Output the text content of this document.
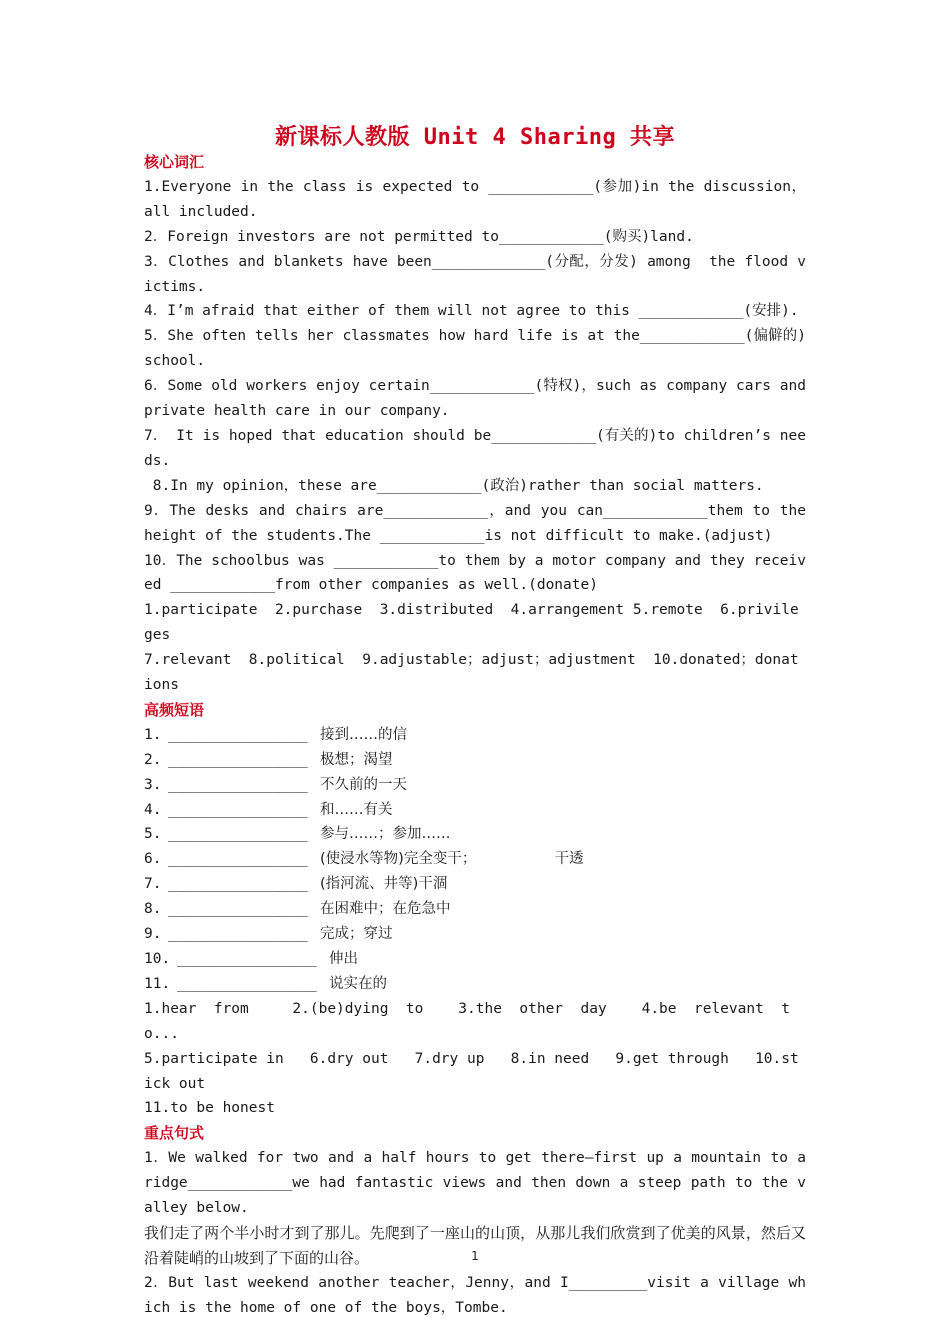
新课标人教版 Unit 4 Sharing 共享
核心词汇
1.Everyone in the class is expected to ____________(参加)in the discussion，all included.
2．Foreign investors are not permitted to____________(购买)land.
3．Clothes and blankets have been_____________(分配，分发) among  the flood victims.
4．I’m afraid that either of them will not agree to this ____________(安排).
5．She often tells her classmates how hard life is at the____________(偏僻的)school.
6．Some old workers enjoy certain____________(特权)，such as company cars and private health care in our company.
7． It is hoped that education should be____________(有关的)to children’s needs.
8.In my opinion，these are____________(政治)rather than social matters.
9．The desks and chairs are____________，and you can____________them to the height of the students.The ____________is not difficult to make.(adjust)
10．The schoolbus was ____________to them by a motor company and they received ____________from other companies as well.(donate)
1.participate  2.purchase  3.distributed  4.arrangement 5.remote  6.privileges
7.relevant  8.political  9.adjustable；adjust；adjustment  10.donated；donations
高频短语
1. ________________ 接到……的信
2. ________________ 极想；渴望
3. ________________ 不久前的一天
4. ________________ 和……有关
5. ________________ 参与……；参加……
6. ________________ (使浸水等物)完全变干；                 干透
7. ________________ (指河流、井等)干涸
8. ________________ 在困难中；在危急中
9. ________________ 完成；穿过
10. ________________ 伸出
11. ________________ 说实在的
1.hear  from     2.(be)dying  to    3.the  other  day    4.be  relevant  to...
5.participate in   6.dry out   7.dry up   8.in need   9.get through   10.stick out
11.to be honest
重点句式
1．We walked for two and a half hours to get there—first up a mountain to a ridge____________we had fantastic views and then down a steep path to the valley below.
我们走了两个半小时才到了那儿。先爬到了一座山的山顶，从那儿我们欣赏到了优美的风景，然后又沿着陡峭的山坡到了下面的山谷。
2．But last weekend another teacher，Jenny，and I_________visit a village which is the home of one of the boys，Tombe.
1
